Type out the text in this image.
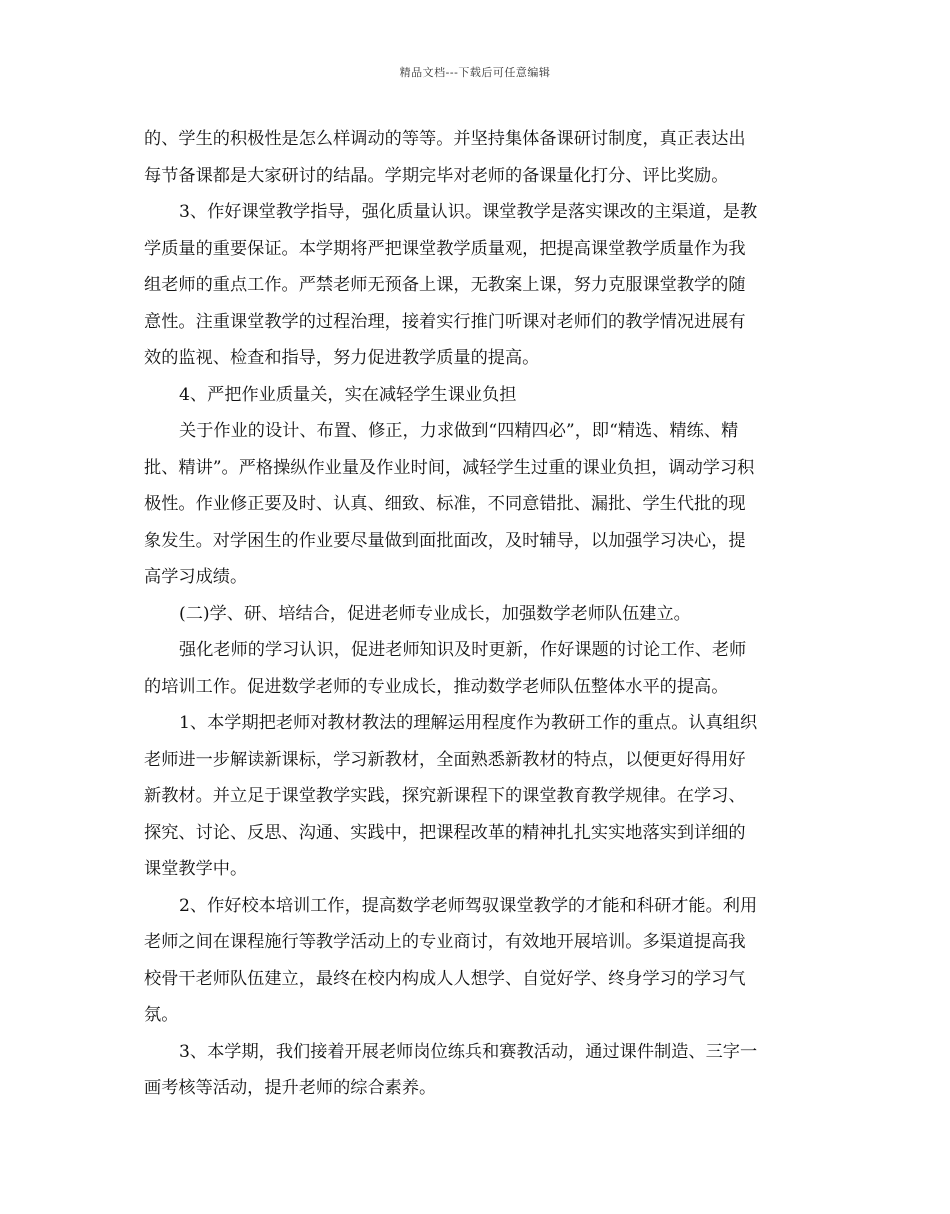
精品文档---下载后可任意编辑
的、学生的积极性是怎么样调动的等等。并坚持集体备课研讨制度，真正表达出
每节备课都是大家研讨的结晶。学期完毕对老师的备课量化打分、评比奖励。
3、作好课堂教学指导，强化质量认识。课堂教学是落实课改的主渠道，是教
学质量的重要保证。本学期将严把课堂教学质量观，把提高课堂教学质量作为我
组老师的重点工作。严禁老师无预备上课，无教案上课，努力克服课堂教学的随
意性。注重课堂教学的过程治理，接着实行推门听课对老师们的教学情况进展有
效的监视、检查和指导，努力促进教学质量的提高。
4、严把作业质量关，实在减轻学生课业负担
关于作业的设计、布置、修正，力求做到“四精四必”，即“精选、精练、精
批、精讲”。严格操纵作业量及作业时间，减轻学生过重的课业负担，调动学习积
极性。作业修正要及时、认真、细致、标准，不同意错批、漏批、学生代批的现
象发生。对学困生的作业要尽量做到面批面改，及时辅导，以加强学习决心，提
高学习成绩。
(二)学、研、培结合，促进老师专业成长，加强数学老师队伍建立。
强化老师的学习认识，促进老师知识及时更新，作好课题的讨论工作、老师
的培训工作。促进数学老师的专业成长，推动数学老师队伍整体水平的提高。
1、本学期把老师对教材教法的理解运用程度作为教研工作的重点。认真组织
老师进一步解读新课标，学习新教材，全面熟悉新教材的特点，以便更好得用好
新教材。并立足于课堂教学实践，探究新课程下的课堂教育教学规律。在学习、
探究、讨论、反思、沟通、实践中，把课程改革的精神扎扎实实地落实到详细的
课堂教学中。
2、作好校本培训工作，提高数学老师驾驭课堂教学的才能和科研才能。利用
老师之间在课程施行等教学活动上的专业商讨，有效地开展培训。多渠道提高我
校骨干老师队伍建立，最终在校内构成人人想学、自觉好学、终身学习的学习气
氛。
3、本学期，我们接着开展老师岗位练兵和赛教活动，通过课件制造、三字一
画考核等活动，提升老师的综合素养。
